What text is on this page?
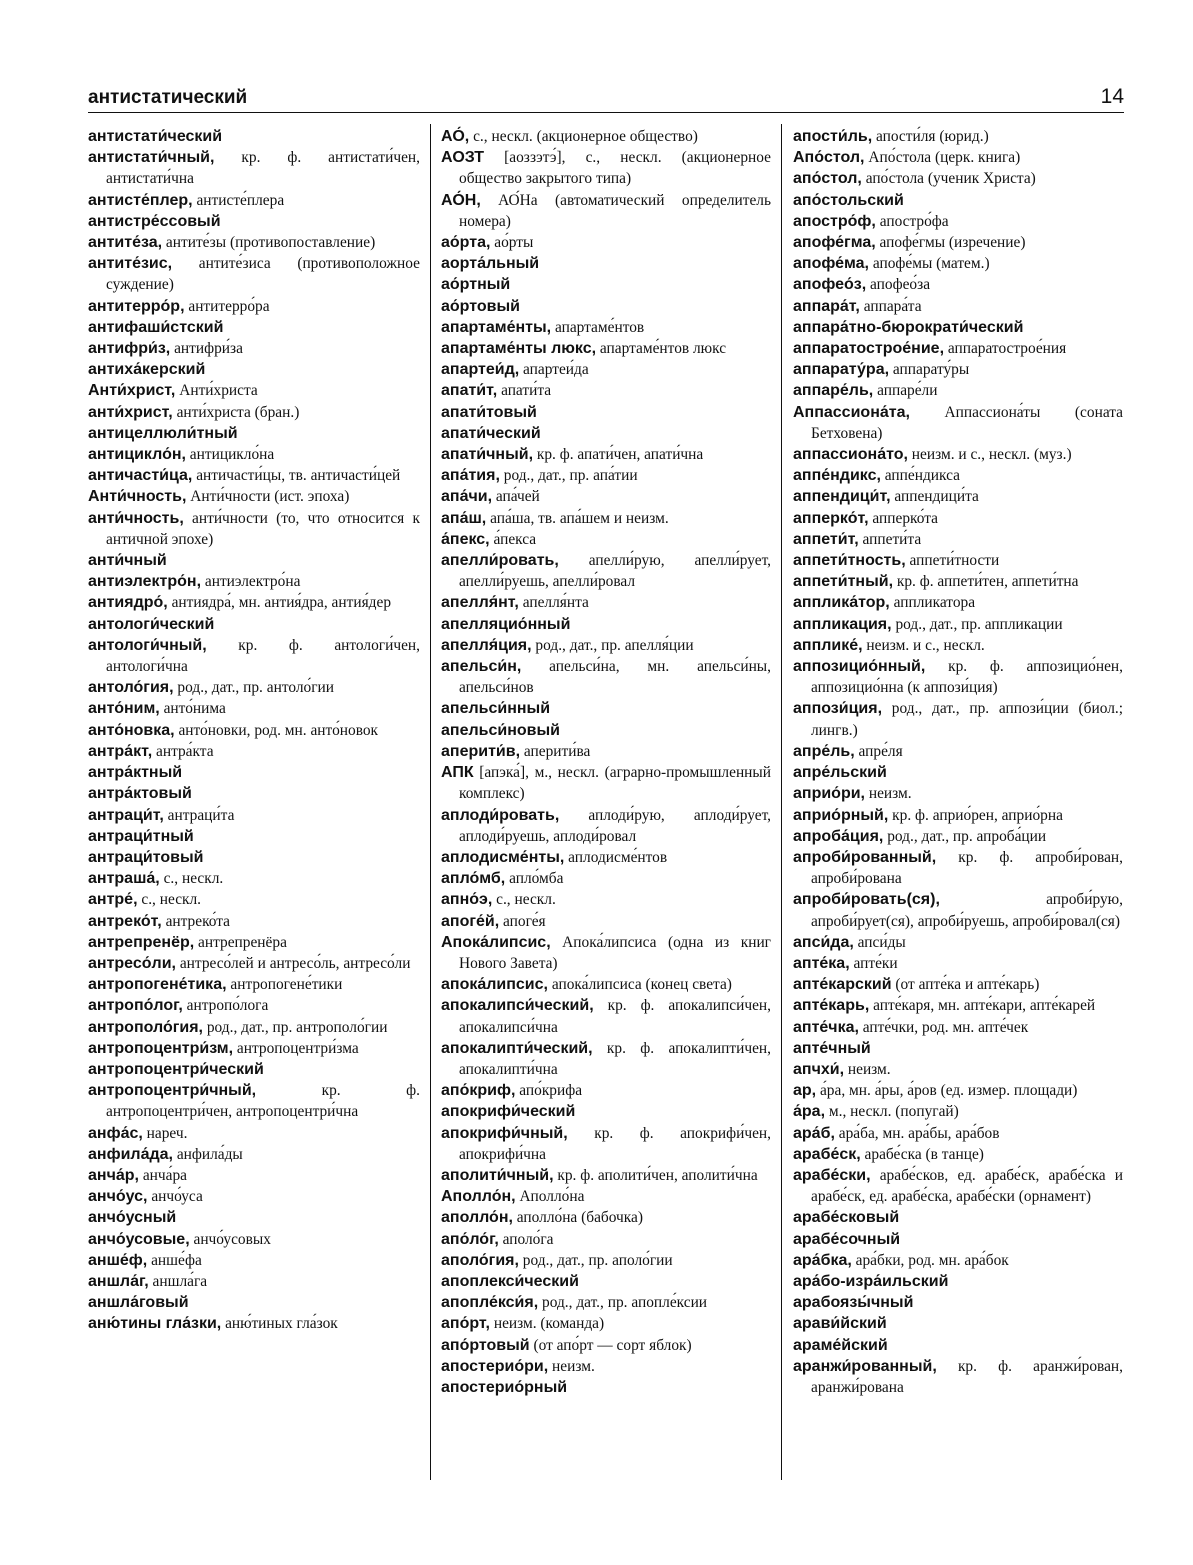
антистатический	14

антистати́ческий

антистати́чный, кр. ф. антистати́чен, антистати́чна

антисте́плер, антисте́плера

антистре́ссовый

антите́за, антите́зы (противопоставление)

антите́зис, антите́зиса (противоположное суждение)

антитерро́р, антитерро́ра

антифаши́стский

антифри́з, антифри́за

антиха́керский

Анти́христ, Анти́христа

анти́христ, анти́христа (бран.)

антицеллюли́тный

антицикло́н, антицикло́на

античасти́ца, античасти́цы, тв. античасти́цей

Анти́чность, Анти́чности (ист. эпоха)

анти́чность, анти́чности (то, что относится к античной эпохе)

анти́чный

антиэлектро́н, антиэлектро́на

антиядро́, антиядра́, мн. антия́дра, антия́дер

антологи́ческий

антологи́чный, кр. ф. антологи́чен, антологи́чна

антоло́гия, род., дат., пр. антоло́гии

анто́ним, анто́нима

анто́новка, анто́новки, род. мн. анто́новок

антра́кт, антра́кта

антра́ктный

антра́ктовый

антраци́т, антраци́та

антраци́тный

антраци́товый

антраша́, с., нескл.

антре́, с., нескл.

антреко́т, антреко́та

антрепренёр, антрепренёра

антресо́ли, антресо́лей и антресо́ль, антресо́ли

антропогене́тика, антропогене́тики

антропо́лог, антропо́лога

антрополо́гия, род., дат., пр. антрополо́гии

антропоцентри́зм, антропоцентри́зма

антропоцентри́ческий

антропоцентри́чный, кр. ф. антропоцентри́чен, антропоцентри́чна

анфа́с, нареч.

анфила́да, анфила́ды

анча́р, анча́ра

анчо́ус, анчо́уса

анчо́усный

анчо́усовые, анчо́усовых

анше́ф, анше́фа

аншла́г, аншла́га

аншла́говый

аню́тины гла́зки, аню́тиных гла́зок

АО́, с., нескл. (акционерное общество)

АОЗТ [аоззэтэ́], с., нескл. (акционерное общество закрытого типа)

АО́Н, АО́На (автоматический определитель номера)

ао́рта, ао́рты

аорта́льный

ао́ртный

ао́ртовый

апартаме́нты, апартаме́нтов

апартаме́нты люкс, апартаме́нтов люкс

апартеи́д, апартеи́да

апати́т, апати́та

апати́товый

апати́ческий

апати́чный, кр. ф. апати́чен, апати́чна

апа́тия, род., дат., пр. апа́тии

апа́чи, апа́чей

апа́ш, апа́ша, тв. апа́шем и неизм.

а́пекс, а́пекса

апелли́ровать, апелли́рую, апелли́рует, апелли́руешь, апелли́ровал

апелля́нт, апелля́нта

апелляцио́нный

апелля́ция, род., дат., пр. апелля́ции

апельси́н, апельси́на, мн. апельси́ны, апельси́нов

апельси́нный

апельси́новый

аперити́в, аперити́ва

АПК [апэка́], м., нескл. (аграрно-промышленный комплекс)

аплоди́ровать, аплоди́рую, аплоди́рует, аплоди́руешь, аплоди́ровал

аплодисме́нты, аплодисме́нтов

апло́мб, апло́мба

апно́э, с., нескл.

апоге́й, апоге́я

Апока́липсис, Апока́липсиса (одна из книг Нового Завета)

апока́липсис, апока́липсиса (конец света)

апокалипси́ческий, кр. ф. апокалипси́чен, апокалипси́чна

апокалипти́ческий, кр. ф. апокалипти́чен, апокалипти́чна

апо́криф, апо́крифа

апокрифи́ческий

апокрифи́чный, кр. ф. апокрифи́чен, апокрифи́чна

аполити́чный, кр. ф. аполити́чен, аполити́чна

Аполло́н, Аполло́на

аполло́н, аполло́на (бабочка)

апо́ло́г, аполо́га

аполо́гия, род., дат., пр. аполо́гии

апоплекси́ческий

апопле́кси́я, род., дат., пр. апопле́ксии

апо́рт, неизм. (команда)

апо́ртовый (от апо́рт — сорт яблок)

апостерио́ри, неизм.

апостерио́рный

апости́ль, апости́ля (юрид.)

Апо́стол, Апо́стола (церк. книга)

апо́стол, апо́стола (ученик Христа)

апо́стольский

апостро́ф, апостро́фа

апофе́гма, апофе́гмы (изречение)

апофе́ма, апофе́мы (матем.)

апофео́з, апофео́за

аппара́т, аппара́та

аппара́тно-бюрократи́ческий

аппаратострое́ние, аппаратострое́ния

аппарату́ра, аппарату́ры

аппаре́ль, аппаре́ли

Аппассиона́та, Аппассиона́ты (соната Бетховена)

аппассиона́то, неизм. и с., нескл. (муз.)

аппе́ндикс, аппе́ндикса

аппендици́т, аппендици́та

апперко́т, апперко́та

аппети́т, аппети́та

аппети́тность, аппети́тности

аппети́тный, кр. ф. аппети́тен, аппети́тна

апплика́тор, аппликатора

аппликация, род., дат., пр. аппликации

апплике́, неизм. и с., нескл.

аппозицио́нный, кр. ф. аппозицио́нен, аппозицио́нна (к аппози́ция)

аппози́ция, род., дат., пр. аппози́ции (биол.; лингв.)

апре́ль, апре́ля

апре́льский

априо́ри, неизм.

априо́рный, кр. ф. априо́рен, априо́рна

апроба́ция, род., дат., пр. апроба́ции

апроби́рованный, кр. ф. апроби́рован, апроби́рована

апроби́ровать(ся), апроби́рую, апроби́рует(ся), апроби́руешь, апроби́ровал(ся)

апси́да, апси́ды

апте́ка, апте́ки

апте́карский (от апте́ка и апте́карь)

апте́карь, апте́каря, мн. апте́кари, апте́карей

апте́чка, апте́чки, род. мн. апте́чек

апте́чный

апчхи́, неизм.

ар, а́ра, мн. а́ры, а́ров (ед. измер. площади)

а́ра, м., нескл. (попугай)

ара́б, ара́ба, мн. ара́бы, ара́бов

арабе́ск, арабе́ска (в танце)

арабе́ски, арабе́сков, ед. арабе́ск, арабе́ска и арабе́ск, ед. арабе́ска, арабе́ски (орнамент)

арабе́сковый

арабе́сочный

ара́бка, ара́бки, род. мн. ара́бок

ара́бо-изра́ильский

арабоязы́чный

арави́йский

араме́йский

аранжи́рованный, кр. ф. аранжи́рован, аранжи́рована
